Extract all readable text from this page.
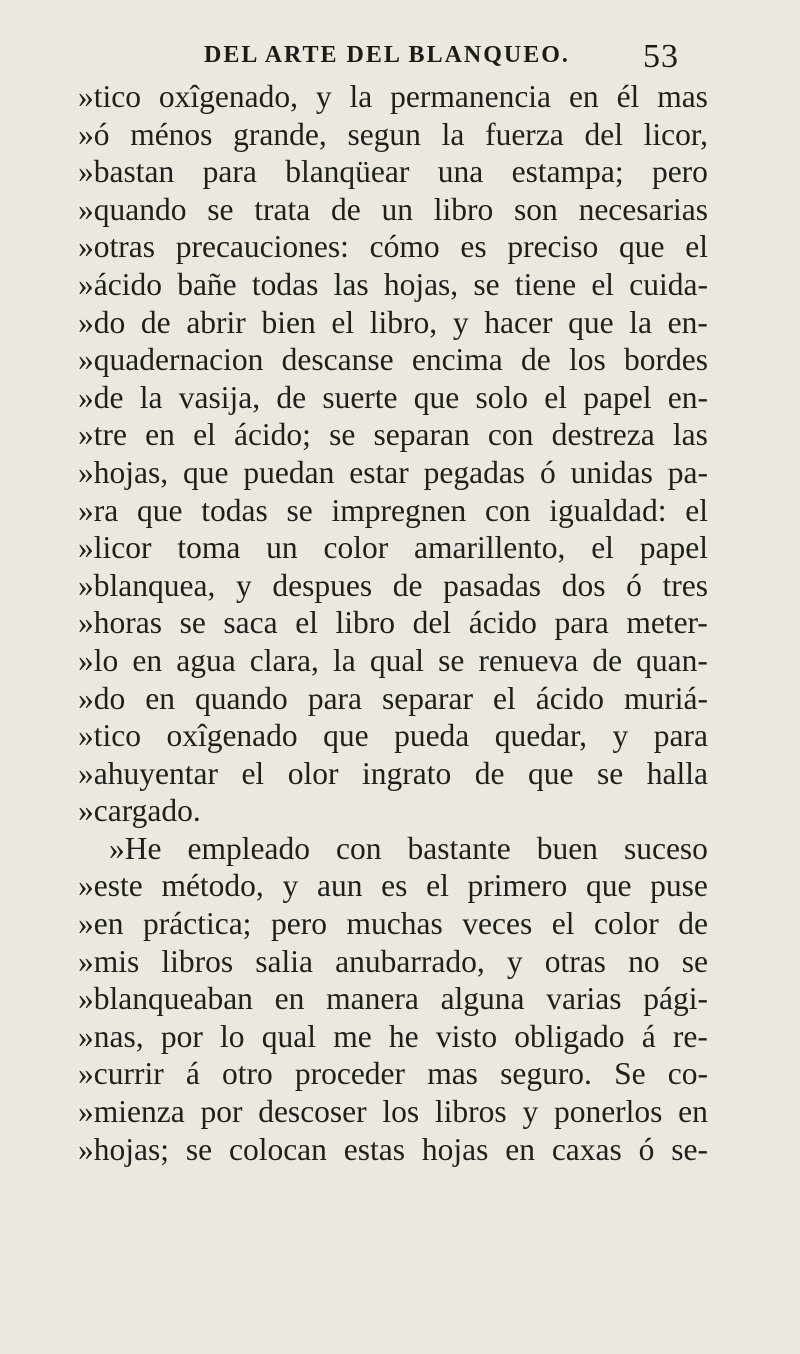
DEL ARTE DEL BLANQUEO. 53
»tico oxîgenado, y la permanencia en él mas
»ó ménos grande, segun la fuerza del licor,
»bastan para blanqüear una estampa; pero
»quando se trata de un libro son necesarias
»otras precauciones: cómo es preciso que el
»ácido bañe todas las hojas, se tiene el cuida-
»do de abrir bien el libro, y hacer que la en-
»quadernacion descanse encima de los bordes
»de la vasija, de suerte que solo el papel en-
»tre en el ácido; se separan con destreza las
»hojas, que puedan estar pegadas ó unidas pa-
»ra que todas se impregnen con igualdad: el
»licor toma un color amarillento, el papel
»blanquea, y despues de pasadas dos ó tres
»horas se saca el libro del ácido para meter-
»lo en agua clara, la qual se renueva de quan-
»do en quando para separar el ácido muriá-
»tico oxîgenado que pueda quedar, y para
»ahuyentar el olor ingrato de que se halla
»cargado.
»He empleado con bastante buen suceso
»este método, y aun es el primero que puse
»en práctica; pero muchas veces el color de
»mis libros salia anubarrado, y otras no se
»blanqueaban en manera alguna varias pági-
»nas, por lo qual me he visto obligado á re-
»currir á otro proceder mas seguro. Se co-
»mienza por descoser los libros y ponerlos en
»hojas; se colocan estas hojas en caxas ó se-
